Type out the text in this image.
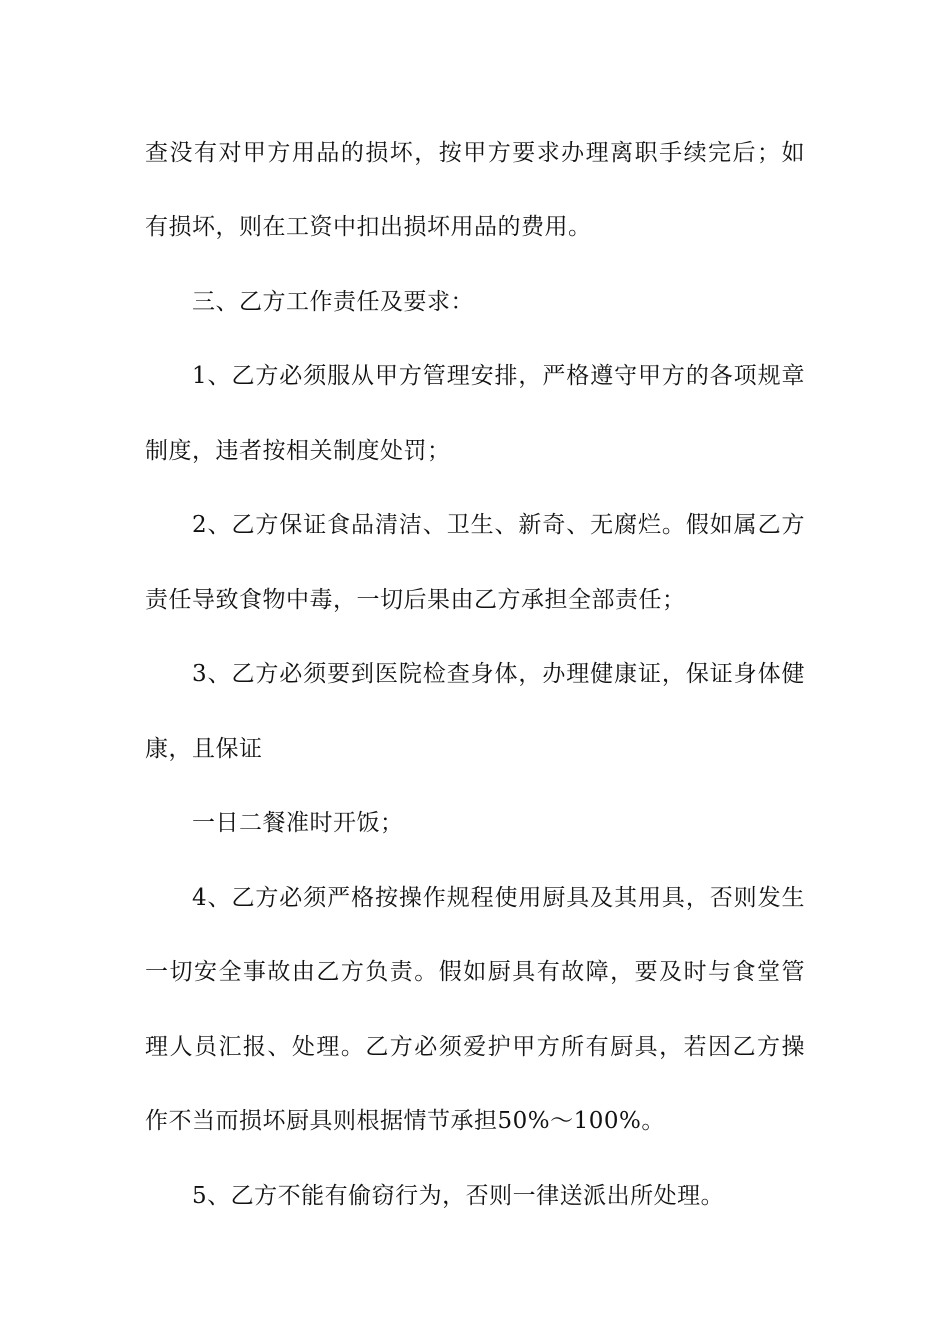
查没有对甲方用品的损坏，按甲方要求办理离职手续完后；如
有损坏，则在工资中扣出损坏用品的费用。
三、乙方工作责任及要求：
1、乙方必须服从甲方管理安排，严格遵守甲方的各项规章
制度，违者按相关制度处罚；
2、乙方保证食品清洁、卫生、新奇、无腐烂。假如属乙方
责任导致食物中毒，一切后果由乙方承担全部责任；
3、乙方必须要到医院检查身体，办理健康证，保证身体健
康，且保证
一日二餐准时开饭；
4、乙方必须严格按操作规程使用厨具及其用具，否则发生
一切安全事故由乙方负责。假如厨具有故障，要及时与食堂管
理人员汇报、处理。乙方必须爱护甲方所有厨具，若因乙方操
作不当而损坏厨具则根据情节承担50%～100%。
5、乙方不能有偷窃行为，否则一律送派出所处理。
